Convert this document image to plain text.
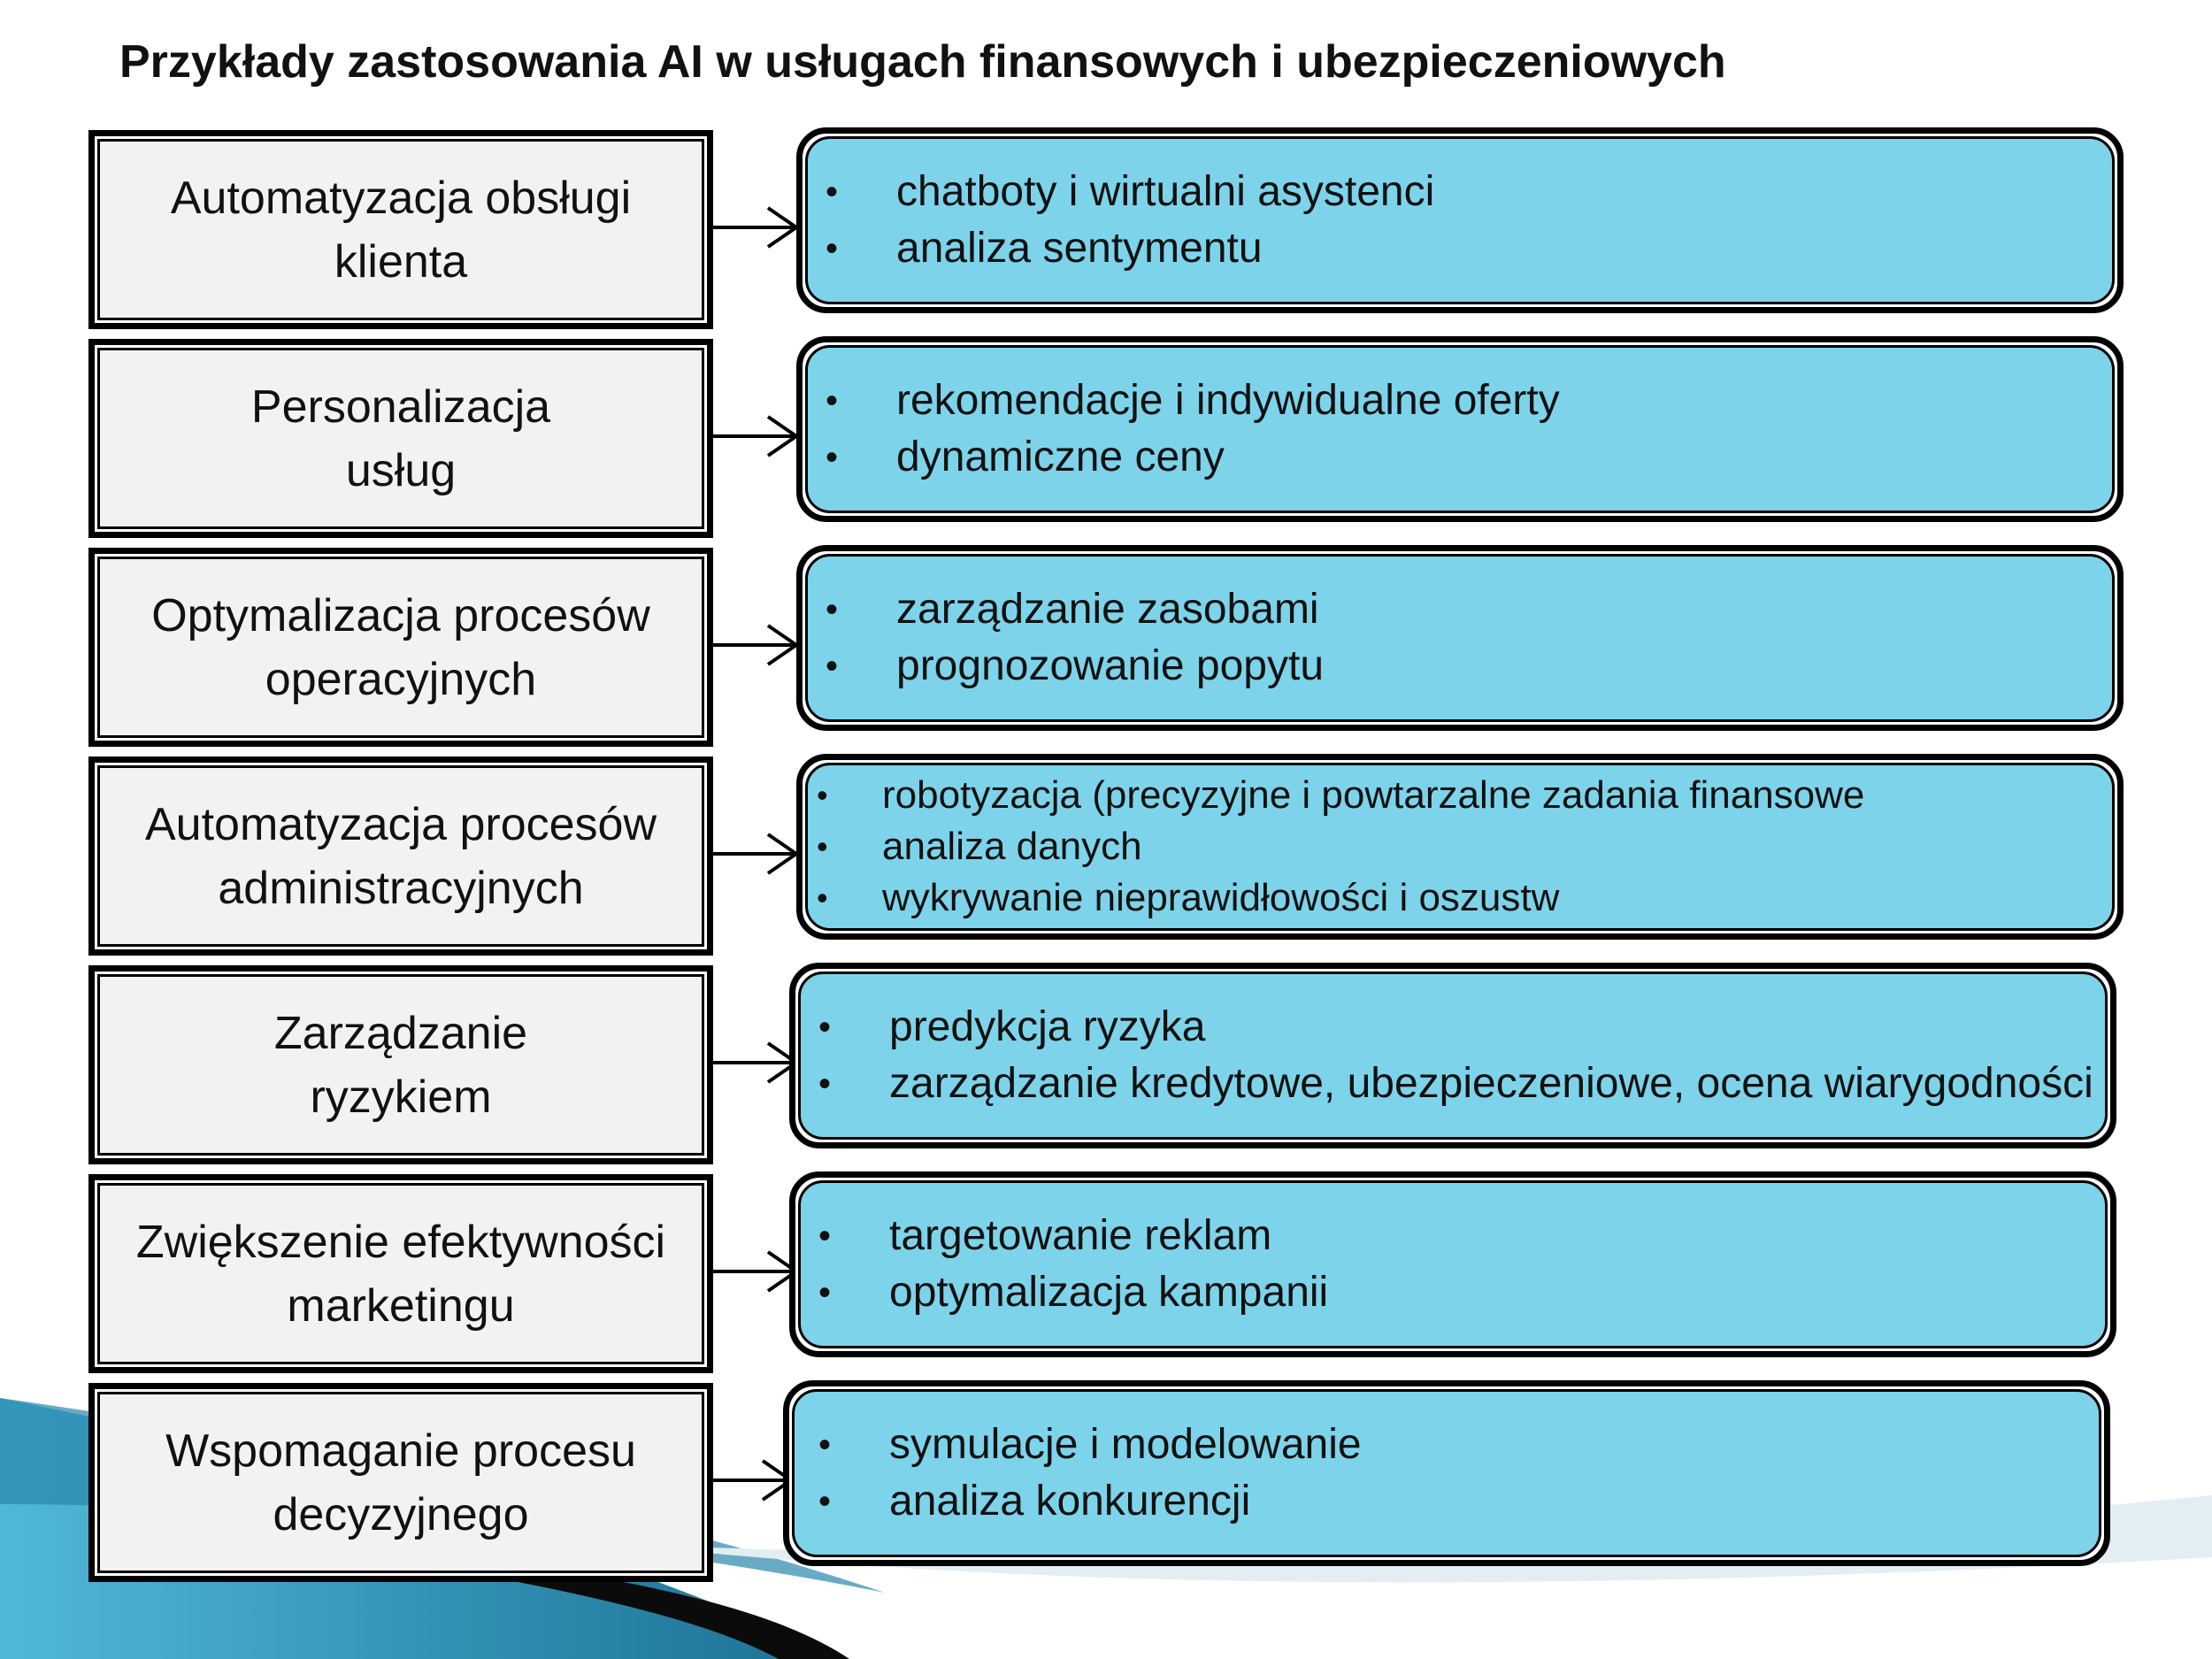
Przykłady zastosowania AI w usługach finansowych i ubezpieczeniowych
Automatyzacja obsługi
klienta
•	chatboty i wirtualni asystenci
•	analiza sentymentu
Personalizacja
usług
•	rekomendacje i indywidualne oferty
•	dynamiczne ceny
Optymalizacja procesów
operacyjnych
•	zarządzanie zasobami
•	prognozowanie popytu
Automatyzacja procesów
administracyjnych
•	robotyzacja (precyzyjne i powtarzalne zadania finansowe
•	analiza danych
•	wykrywanie nieprawidłowości i oszustw
Zarządzanie
ryzykiem
•	predykcja ryzyka
•	zarządzanie kredytowe, ubezpieczeniowe, ocena wiarygodności
Zwiększenie efektywności
marketingu
•	targetowanie reklam
•	optymalizacja kampanii
Wspomaganie procesu
decyzyjnego
•	symulacje i modelowanie
•	analiza konkurencji
